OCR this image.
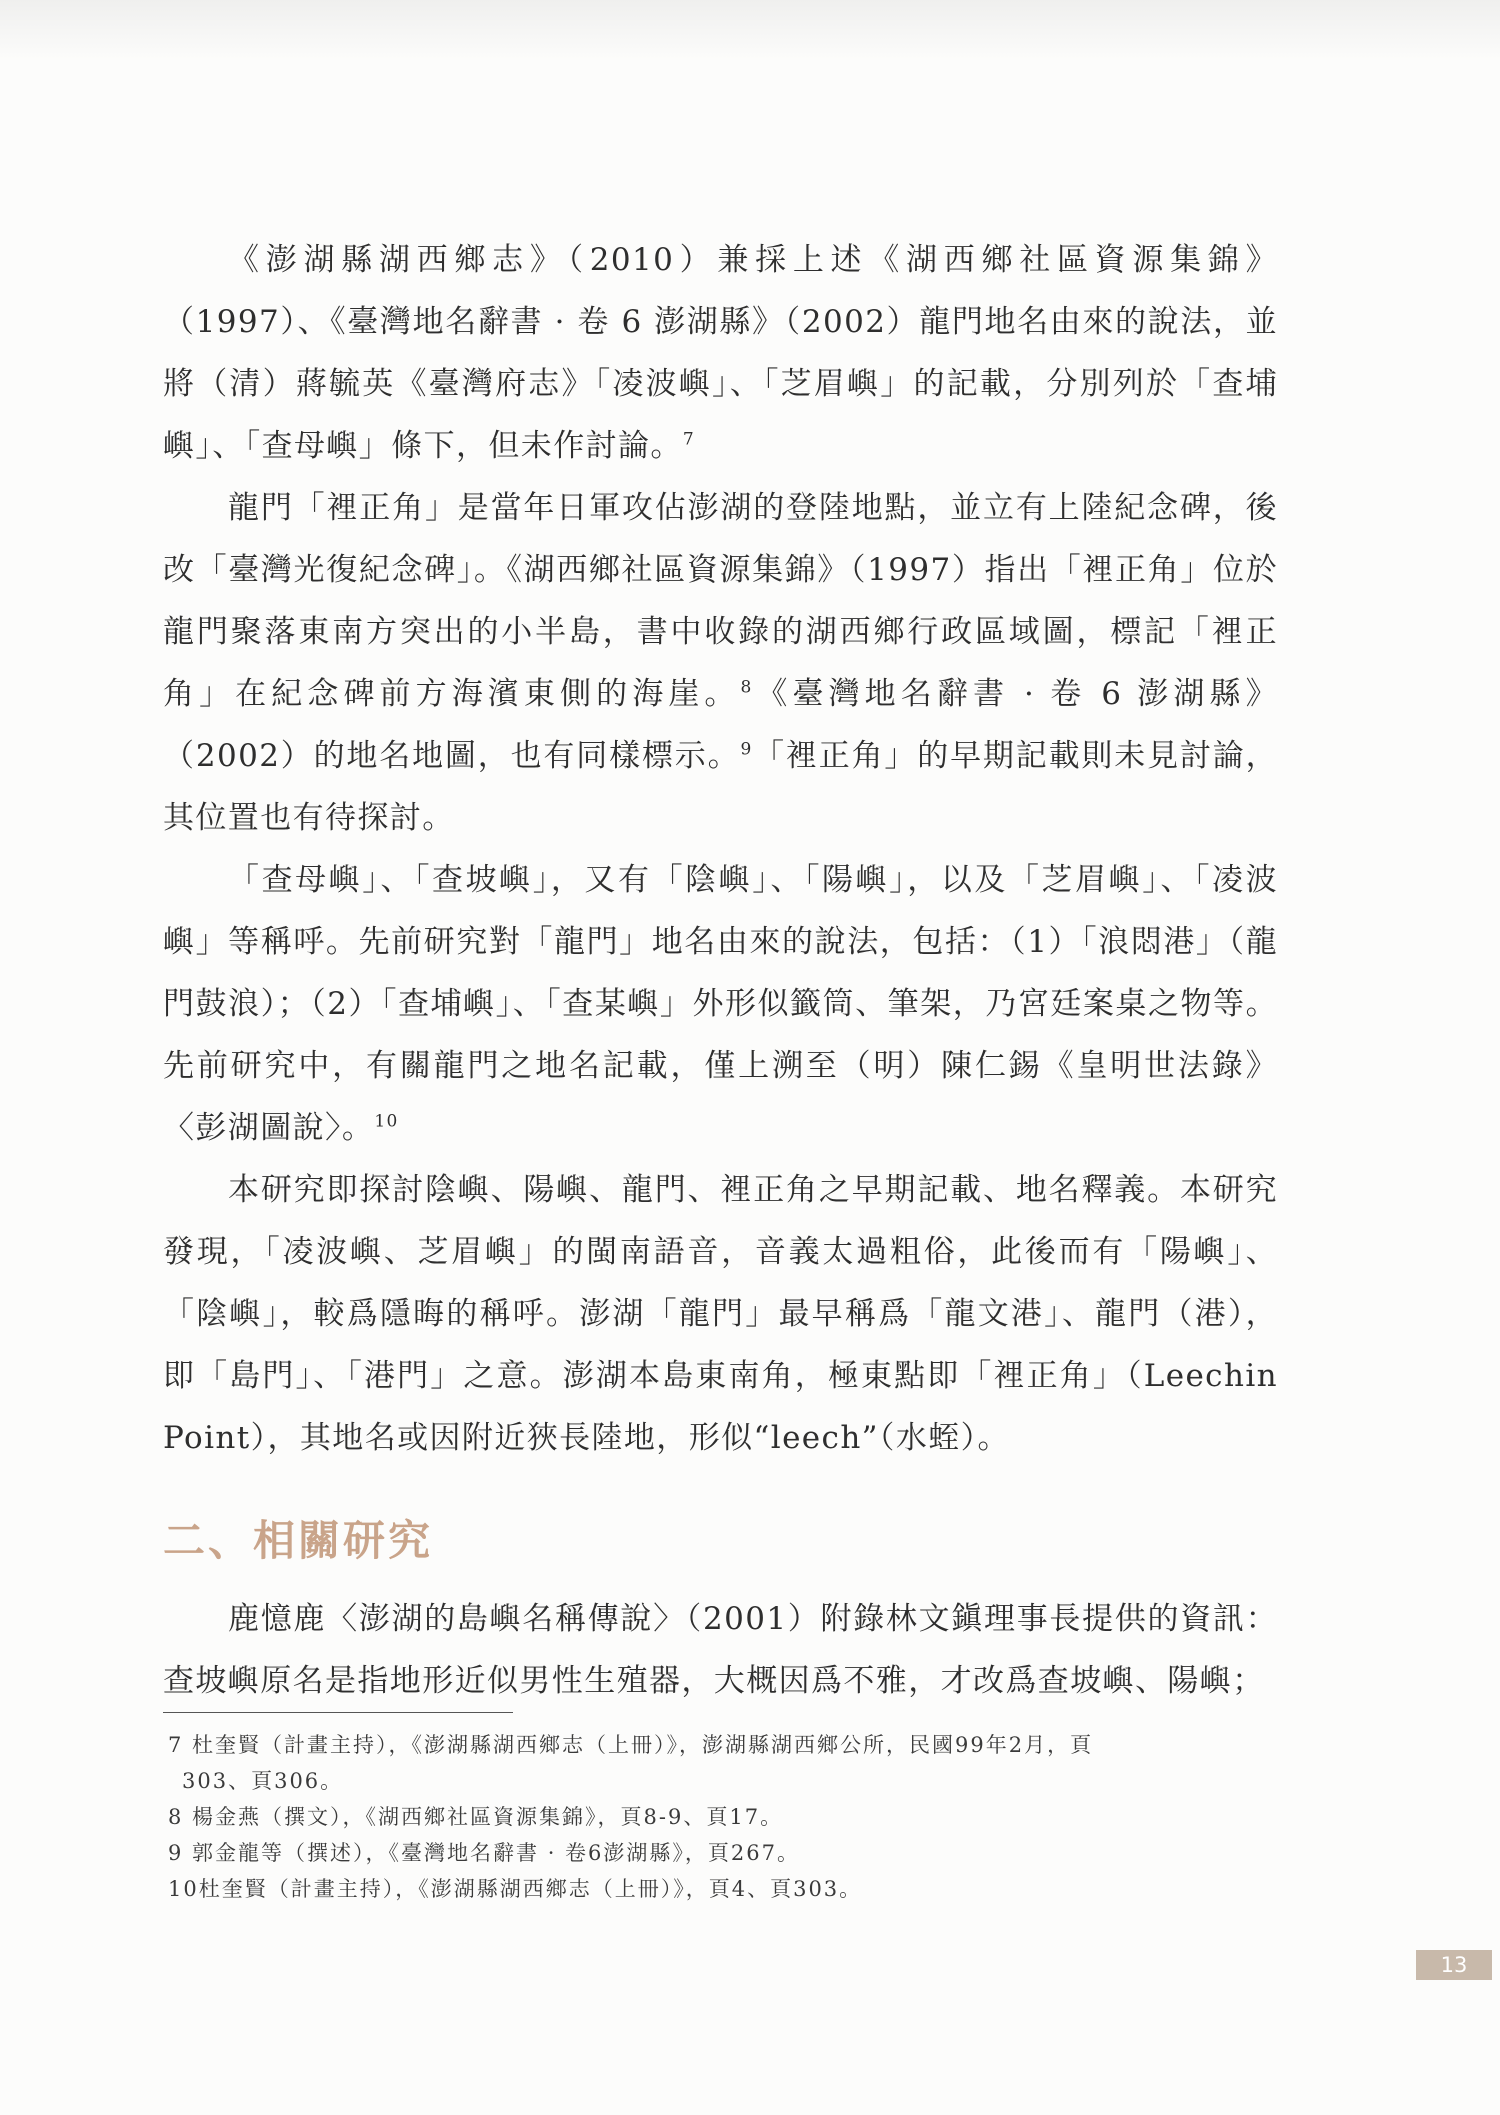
《澎湖縣湖西鄉志》（2010）兼採上述《湖西鄉社區資源集錦》（1997）、《臺灣地名辭書 · 卷 6 澎湖縣》（2002）龍門地名由來的說法，並將（清）蔣毓英《臺灣府志》「凌波嶼」、「芝眉嶼」的記載，分別列於「查埔嶼」、「查母嶼」條下，但未作討論。$^7$

龍門「裡正角」是當年日軍攻佔澎湖的登陸地點，並立有上陸紀念碑，後改「臺灣光復紀念碑」。《湖西鄉社區資源集錦》（1997）指出「裡正角」位於龍門聚落東南方突出的小半島，書中收錄的湖西鄉行政區域圖，標記「裡正角」在紀念碑前方海濱東側的海崖。$^8$《臺灣地名辭書 · 卷 6 澎湖縣》（2002）的地名地圖，也有同樣標示。$^9$「裡正角」的早期記載則未見討論，其位置也有待探討。

「查母嶼」、「查坡嶼」，又有「陰嶼」、「陽嶼」，以及「芝眉嶼」、「凌波嶼」等稱呼。先前研究對「龍門」地名由來的說法，包括：（1）「浪悶港」（龍門鼓浪）；（2）「查埔嶼」、「查某嶼」外形似籤筒、筆架，乃宮廷案桌之物等。先前研究中，有關龍門之地名記載，僅上溯至（明）陳仁錫《皇明世法錄》〈彭湖圖說〉。$^{10}$

本研究即探討陰嶼、陽嶼、龍門、裡正角之早期記載、地名釋義。本研究發現，「凌波嶼、芝眉嶼」的閩南語音，音義太過粗俗，此後而有「陽嶼」、「陰嶼」，較爲隱晦的稱呼。澎湖「龍門」最早稱爲「龍文港」、龍門（港），即「島門」、「港門」之意。澎湖本島東南角，極東點即「裡正角」（Leechin Point），其地名或因附近狹長陸地，形似“leech”（水蛭）。

二、相關研究

鹿憶鹿〈澎湖的島嶼名稱傳說〉（2001）附錄林文鎭理事長提供的資訊：查坡嶼原名是指地形近似男性生殖器，大概因爲不雅，才改爲查坡嶼、陽嶼；

7 杜奎賢（計畫主持），《澎湖縣湖西鄉志（上冊）》，澎湖縣湖西鄉公所，民國99年2月，頁

303、頁306。

8 楊金燕（撰文），《湖西鄉社區資源集錦》，頁8-9、頁17。

9 郭金龍等（撰述），《臺灣地名辭書 · 卷6澎湖縣》，頁267。

10杜奎賢（計畫主持），《澎湖縣湖西鄉志（上冊）》，頁4、頁303。

13
